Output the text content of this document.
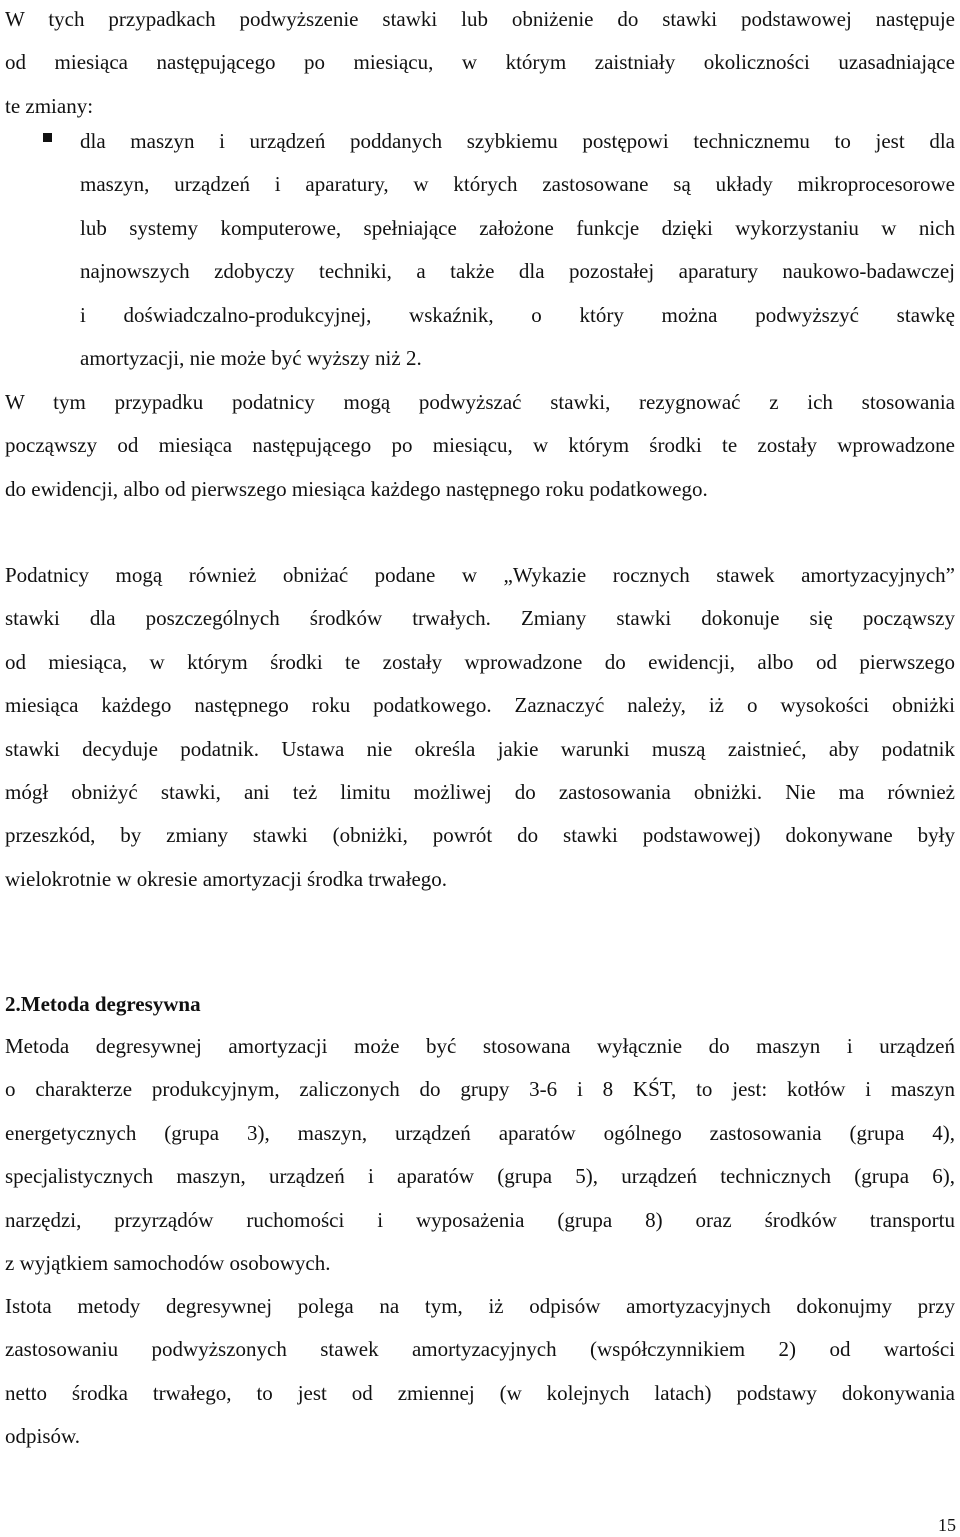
W tych przypadkach podwyższenie stawki lub obniżenie do stawki podstawowej następuje
od miesiąca następującego po miesiącu, w którym zaistniały okoliczności uzasadniające
te zmiany:
dla maszyn i urządzeń poddanych szybkiemu postępowi technicznemu to jest dla
maszyn, urządzeń i aparatury, w których zastosowane są układy mikroprocesorowe
lub systemy komputerowe, spełniające założone funkcje dzięki wykorzystaniu w nich
najnowszych zdobyczy techniki, a także dla pozostałej aparatury naukowo-badawczej
i doświadczalno-produkcyjnej, wskaźnik, o który można podwyższyć stawkę
amortyzacji, nie może być wyższy niż 2.
W tym przypadku podatnicy mogą podwyższać stawki, rezygnować z ich stosowania
począwszy od miesiąca następującego po miesiącu, w którym środki te zostały wprowadzone
do ewidencji, albo od pierwszego miesiąca każdego następnego roku podatkowego.
Podatnicy mogą również obniżać podane w „Wykazie rocznych stawek amortyzacyjnych”
stawki dla poszczególnych środków trwałych. Zmiany stawki dokonuje się począwszy
od miesiąca, w którym środki te zostały wprowadzone do ewidencji, albo od pierwszego
miesiąca każdego następnego roku podatkowego. Zaznaczyć należy, iż o wysokości obniżki
stawki decyduje podatnik. Ustawa nie określa jakie warunki muszą zaistnieć, aby podatnik
mógł obniżyć stawki, ani też limitu możliwej do zastosowania obniżki. Nie ma również
przeszkód, by zmiany stawki (obniżki, powrót do stawki podstawowej) dokonywane były
wielokrotnie w okresie amortyzacji środka trwałego.
2.Metoda degresywna
Metoda degresywnej amortyzacji może być stosowana wyłącznie do maszyn i urządzeń
o charakterze produkcyjnym, zaliczonych do grupy 3-6 i 8 KŚT, to jest: kotłów i maszyn
energetycznych (grupa 3), maszyn, urządzeń aparatów ogólnego zastosowania (grupa 4),
specjalistycznych maszyn, urządzeń i aparatów (grupa 5), urządzeń technicznych (grupa 6),
narzędzi, przyrządów ruchomości i wyposażenia (grupa 8) oraz środków transportu
z wyjątkiem samochodów osobowych.
Istota metody degresywnej polega na tym, iż odpisów amortyzacyjnych dokonujmy przy
zastosowaniu podwyższonych stawek amortyzacyjnych (współczynnikiem 2) od wartości
netto środka trwałego, to jest od zmiennej (w kolejnych latach) podstawy dokonywania
odpisów.
15
